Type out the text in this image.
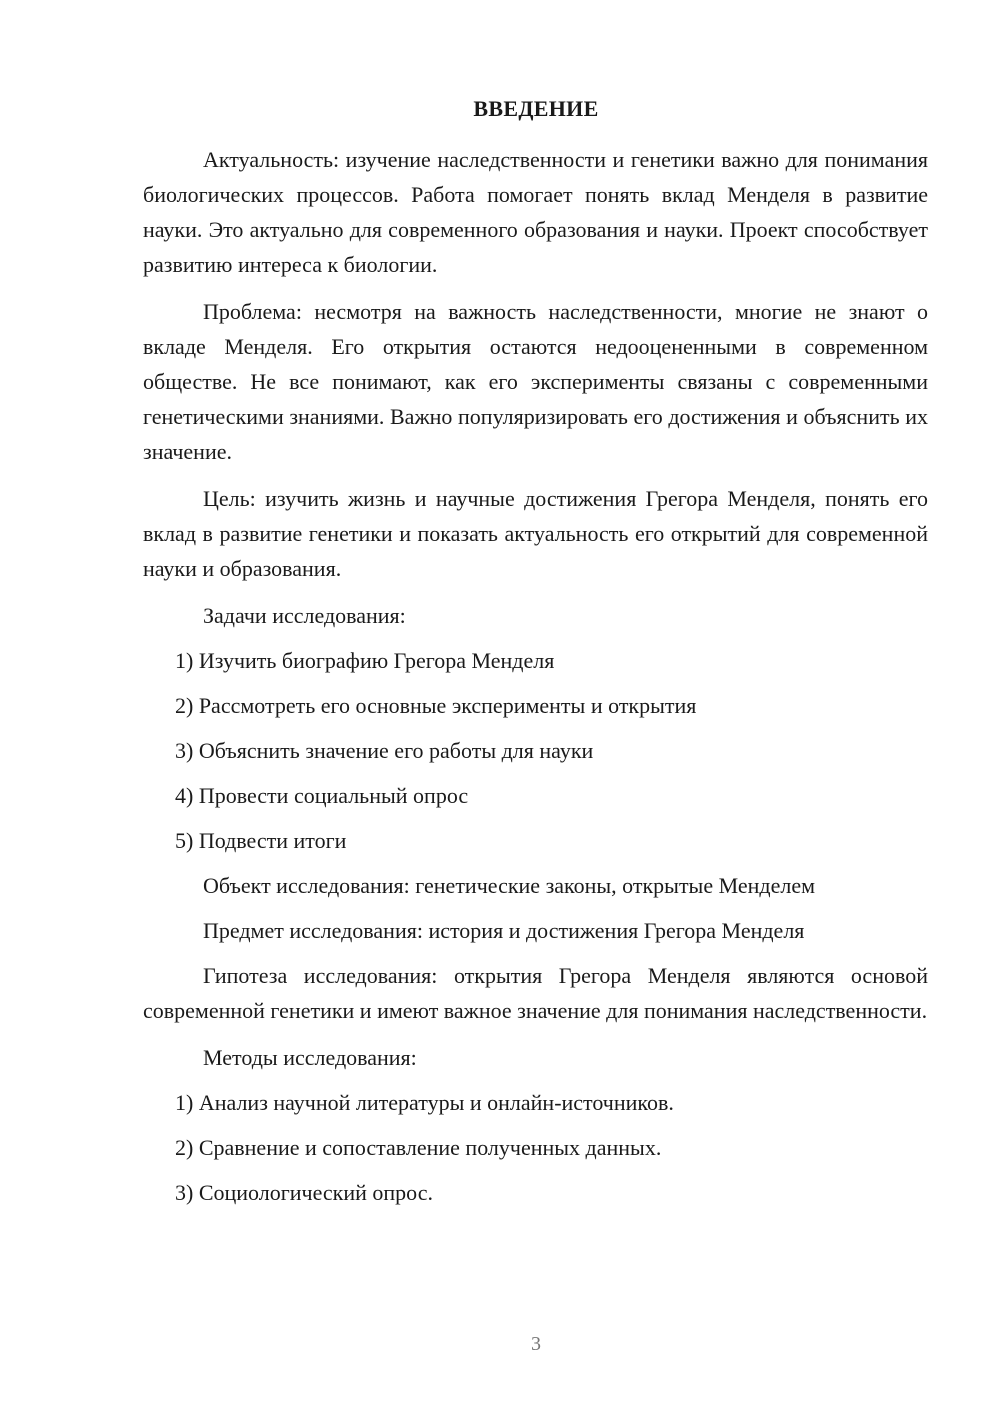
ВВЕДЕНИЕ

Актуальность: изучение наследственности и генетики важно для понимания биологических процессов. Работа помогает понять вклад Менделя в развитие науки. Это актуально для современного образования и науки. Проект способствует развитию интереса к биологии.

Проблема: несмотря на важность наследственности, многие не знают о вкладе Менделя. Его открытия остаются недооцененными в современном обществе. Не все понимают, как его эксперименты связаны с современными генетическими знаниями. Важно популяризировать его достижения и объяснить их значение.

Цель: изучить жизнь и научные достижения Грегора Менделя, понять его вклад в развитие генетики и показать актуальность его открытий для современной науки и образования.

Задачи исследования:

1) Изучить биографию Грегора Менделя

2) Рассмотреть его основные эксперименты и открытия

3) Объяснить значение его работы для науки

4) Провести социальный опрос

5) Подвести итоги

Объект исследования: генетические законы, открытые Менделем

Предмет исследования: история и достижения Грегора Менделя

Гипотеза исследования: открытия Грегора Менделя являются основой современной генетики и имеют важное значение для понимания наследственности.

Методы исследования:

1) Анализ научной литературы и онлайн-источников.

2) Сравнение и сопоставление полученных данных.

3) Социологический опрос.

3
